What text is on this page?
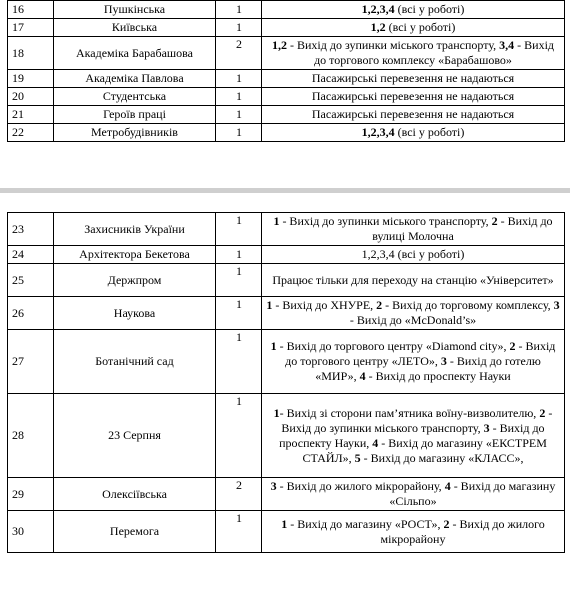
16	Пушкінська	1	1,2,3,4 (всі у роботі)
17	Київська	1	1,2 (всі у роботі)
18	Академіка Барабашова	2	1,2 - Вихід до зупинки міського транспорту, 3,4 - Вихід до торгового комплексу «Барабашово»
19	Академіка Павлова	1	Пасажирські перевезення не надаються
20	Студентська	1	Пасажирські перевезення не надаються
21	Героїв праці	1	Пасажирські перевезення не надаються
22	Метробудівників	1	1,2,3,4 (всі у роботі)
23	Захисників України	1	1 - Вихід до зупинки міського транспорту, 2 - Вихід до вулиці Молочна
24	Архітектора Бекетова	1	1,2,3,4 (всі у роботі)
25	Держпром	1	Працює тільки для переходу на станцію «Університет»
26	Наукова	1	1 - Вихід до ХНУРЕ, 2 - Вихід до торговому комплексу, 3 - Вихід до «McDonald’s»
27	Ботанічний сад	1	1 - Вихід до торгового центру «Diamond city», 2 - Вихід до торгового центру «ЛЕТО», 3 - Вихід до готелю «МИР», 4 - Вихід до проспекту Науки
28	23 Серпня	1	1- Вихід зі сторони пам’ятника воїну-визволителю, 2 - Вихід до зупинки міського транспорту, 3 - Вихід до проспекту Науки, 4 - Вихід до магазину «ЕКСТРЕМ СТАЙЛ», 5 - Вихід до магазину «КЛАСС»,
29	Олексіївська	2	3 - Вихід до жилого мікрорайону, 4 - Вихід до магазину «Сільпо»
30	Перемога	1	1 - Вихід до магазину «РОСТ», 2 - Вихід до жилого мікрорайону
